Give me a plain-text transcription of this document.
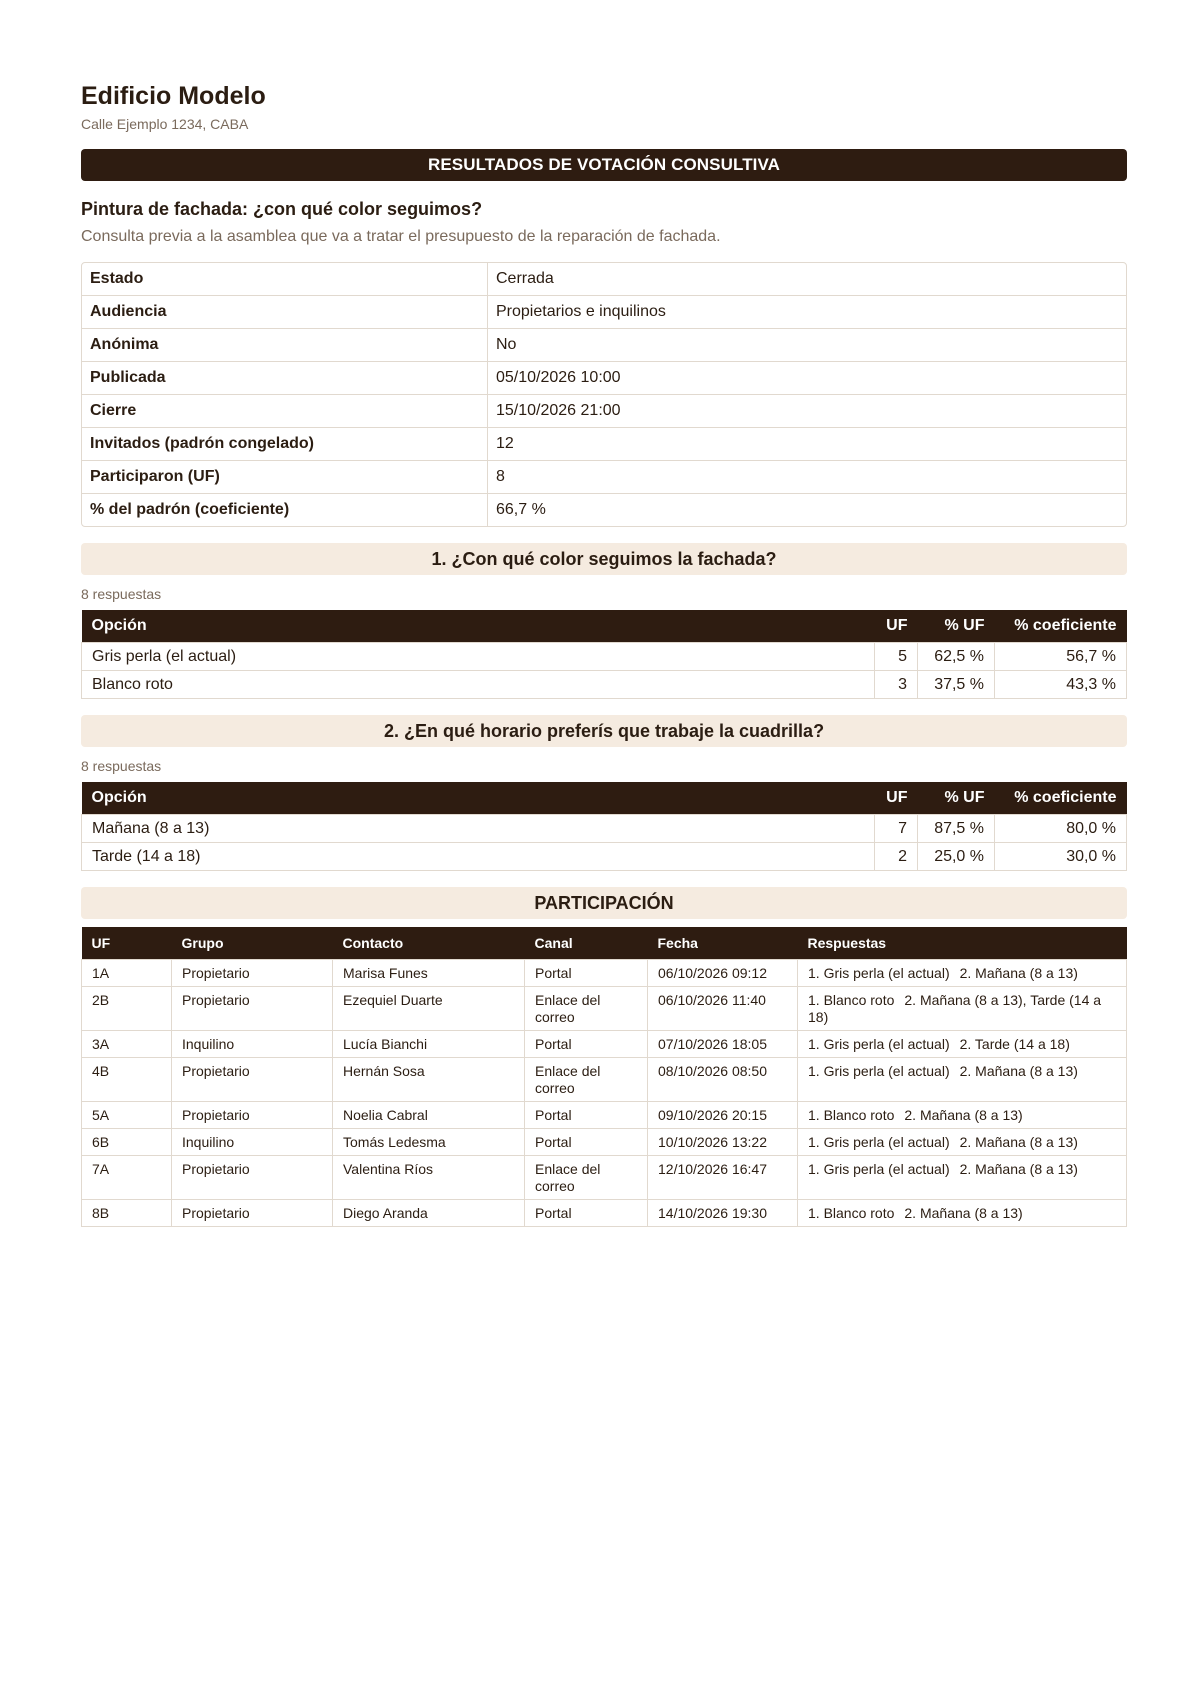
Edificio Modelo
Calle Ejemplo 1234, CABA
RESULTADOS DE VOTACIÓN CONSULTIVA
Pintura de fachada: ¿con qué color seguimos?
Consulta previa a la asamblea que va a tratar el presupuesto de la reparación de fachada.
Estado	Cerrada
Audiencia	Propietarios e inquilinos
Anónima	No
Publicada	05/10/2026 10:00
Cierre	15/10/2026 21:00
Invitados (padrón congelado)	12
Participaron (UF)	8
% del padrón (coeficiente)	66,7 %
1. ¿Con qué color seguimos la fachada?
8 respuestas
Opción	UF	% UF	% coeficiente
Gris perla (el actual)	5	62,5 %	56,7 %
Blanco roto	3	37,5 %	43,3 %
2. ¿En qué horario preferís que trabaje la cuadrilla?
8 respuestas
Opción	UF	% UF	% coeficiente
Mañana (8 a 13)	7	87,5 %	80,0 %
Tarde (14 a 18)	2	25,0 %	30,0 %
PARTICIPACIÓN
UF	Grupo	Contacto	Canal	Fecha	Respuestas
1A	Propietario	Marisa Funes	Portal	06/10/2026 09:12	1. Gris perla (el actual) 2. Mañana (8 a 13)
2B	Propietario	Ezequiel Duarte	Enlace del correo	06/10/2026 11:40	1. Blanco roto 2. Mañana (8 a 13), Tarde (14 a 18)
3A	Inquilino	Lucía Bianchi	Portal	07/10/2026 18:05	1. Gris perla (el actual) 2. Tarde (14 a 18)
4B	Propietario	Hernán Sosa	Enlace del correo	08/10/2026 08:50	1. Gris perla (el actual) 2. Mañana (8 a 13)
5A	Propietario	Noelia Cabral	Portal	09/10/2026 20:15	1. Blanco roto 2. Mañana (8 a 13)
6B	Inquilino	Tomás Ledesma	Portal	10/10/2026 13:22	1. Gris perla (el actual) 2. Mañana (8 a 13)
7A	Propietario	Valentina Ríos	Enlace del correo	12/10/2026 16:47	1. Gris perla (el actual) 2. Mañana (8 a 13)
8B	Propietario	Diego Aranda	Portal	14/10/2026 19:30	1. Blanco roto 2. Mañana (8 a 13)
